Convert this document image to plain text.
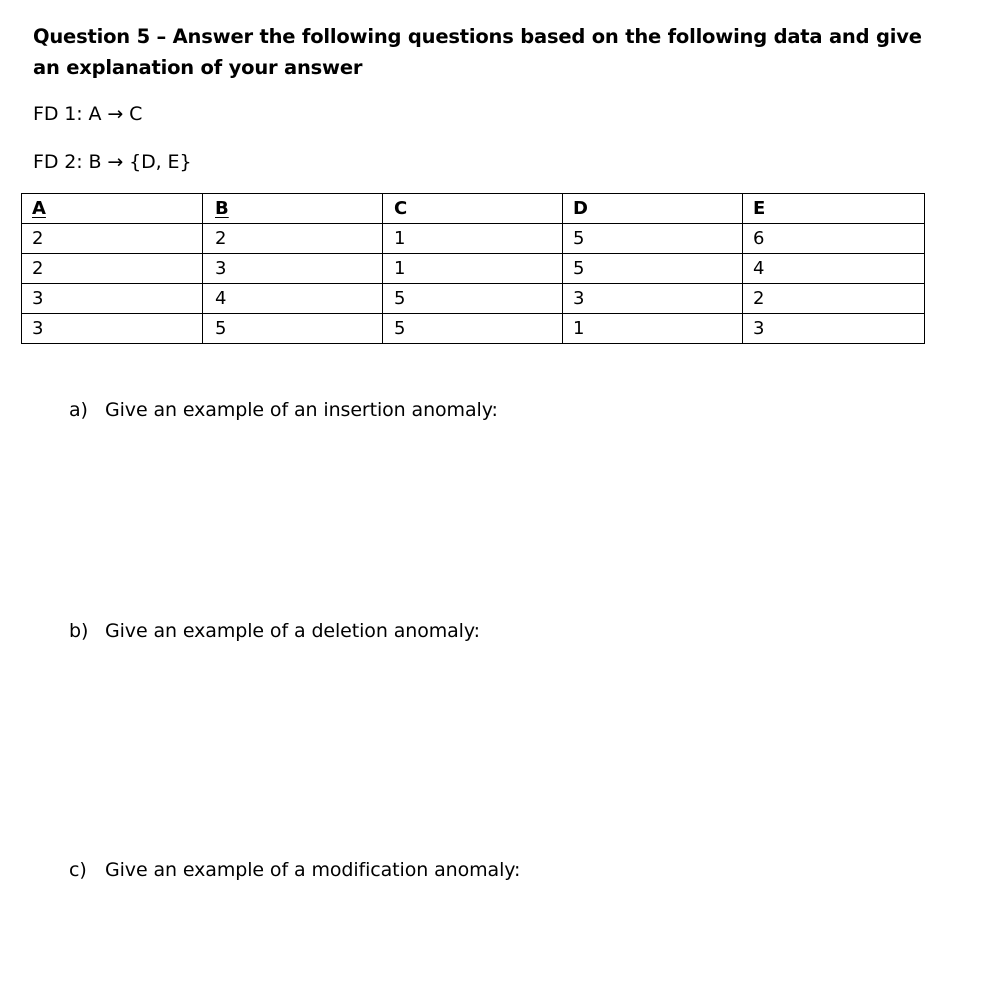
Question 5 – Answer the following questions based on the following data and give an explanation of your answer
FD 1: A → C
FD 2: B → {D, E}
A	B	C	D	E
2	2	1	5	6
2	3	1	5	4
3	4	5	3	2
3	5	5	1	3
a) Give an example of an insertion anomaly:
b) Give an example of a deletion anomaly:
c) Give an example of a modification anomaly:
